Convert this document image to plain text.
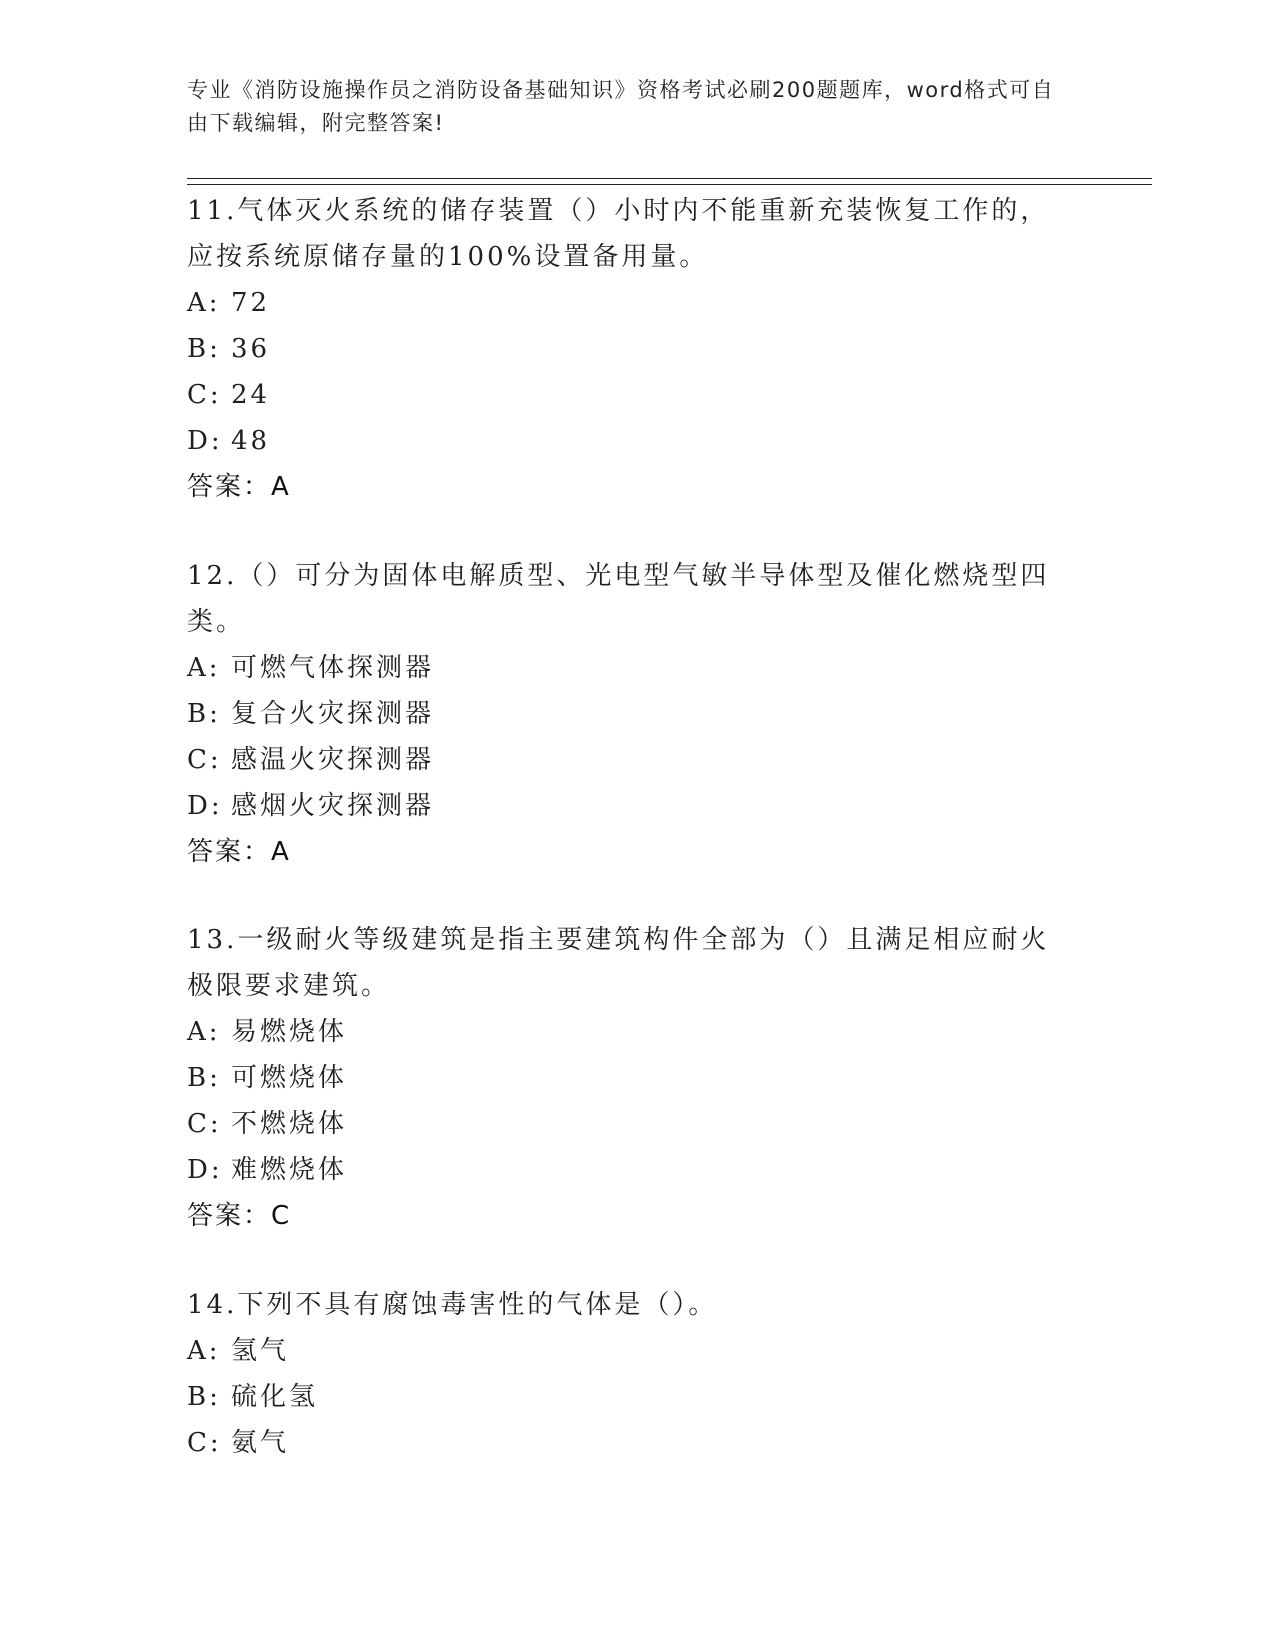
专业《消防设施操作员之消防设备基础知识》资格考试必刷200题题库，word格式可自由下载编辑，附完整答案!

11.气体灭火系统的储存装置（）小时内不能重新充装恢复工作的，应按系统原储存量的100%设置备用量。

A: 72
B: 36
C: 24
D: 48
答案：A

12.（）可分为固体电解质型、光电型气敏半导体型及催化燃烧型四类。

A: 可燃气体探测器
B: 复合火灾探测器
C: 感温火灾探测器
D: 感烟火灾探测器
答案：A

13.一级耐火等级建筑是指主要建筑构件全部为（）且满足相应耐火极限要求建筑。

A: 易燃烧体
B: 可燃烧体
C: 不燃烧体
D: 难燃烧体
答案：C

14.下列不具有腐蚀毒害性的气体是（）。

A: 氢气
B: 硫化氢
C: 氨气
